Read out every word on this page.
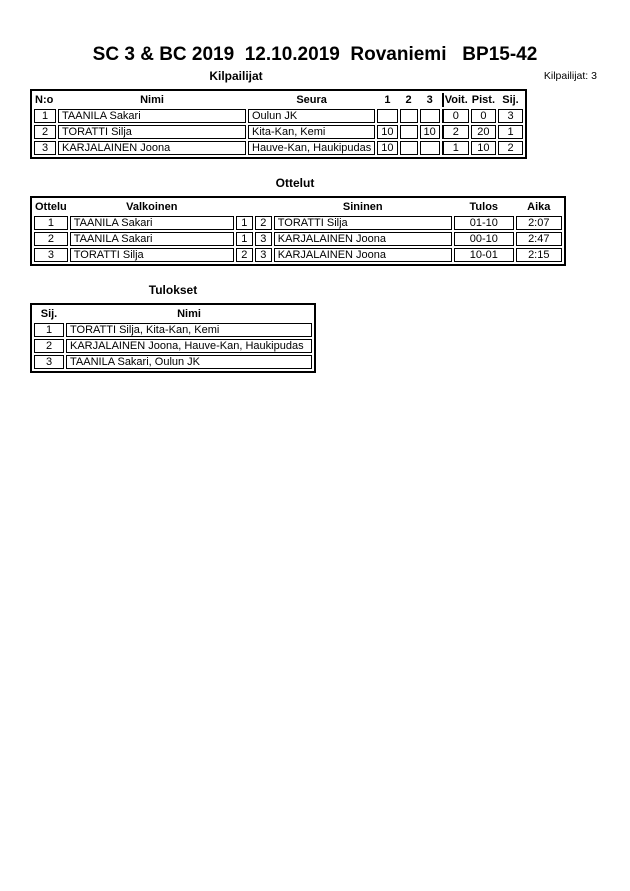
SC 3 & BC 2019  12.10.2019  Rovaniemi   BP15-42
Kilpailijat	Kilpailijat: 3
N:o	Nimi	Seura	1	2	3	Voit.	Pist.	Sij.
1	TAANILA Sakari	Oulun JK				0	0	3
2	TORATTI Silja	Kita-Kan, Kemi	10		10	2	20	1
3	KARJALAINEN Joona	Hauve-Kan, Haukipudas	10			1	10	2
Ottelut
Ottelu	Valkoinen			Sininen	Tulos	Aika
1	TAANILA Sakari	1	2	TORATTI Silja	01-10	2:07
2	TAANILA Sakari	1	3	KARJALAINEN Joona	00-10	2:47
3	TORATTI Silja	2	3	KARJALAINEN Joona	10-01	2:15
Tulokset
Sij.	Nimi
1	TORATTI Silja, Kita-Kan, Kemi
2	KARJALAINEN Joona, Hauve-Kan, Haukipudas
3	TAANILA Sakari, Oulun JK
